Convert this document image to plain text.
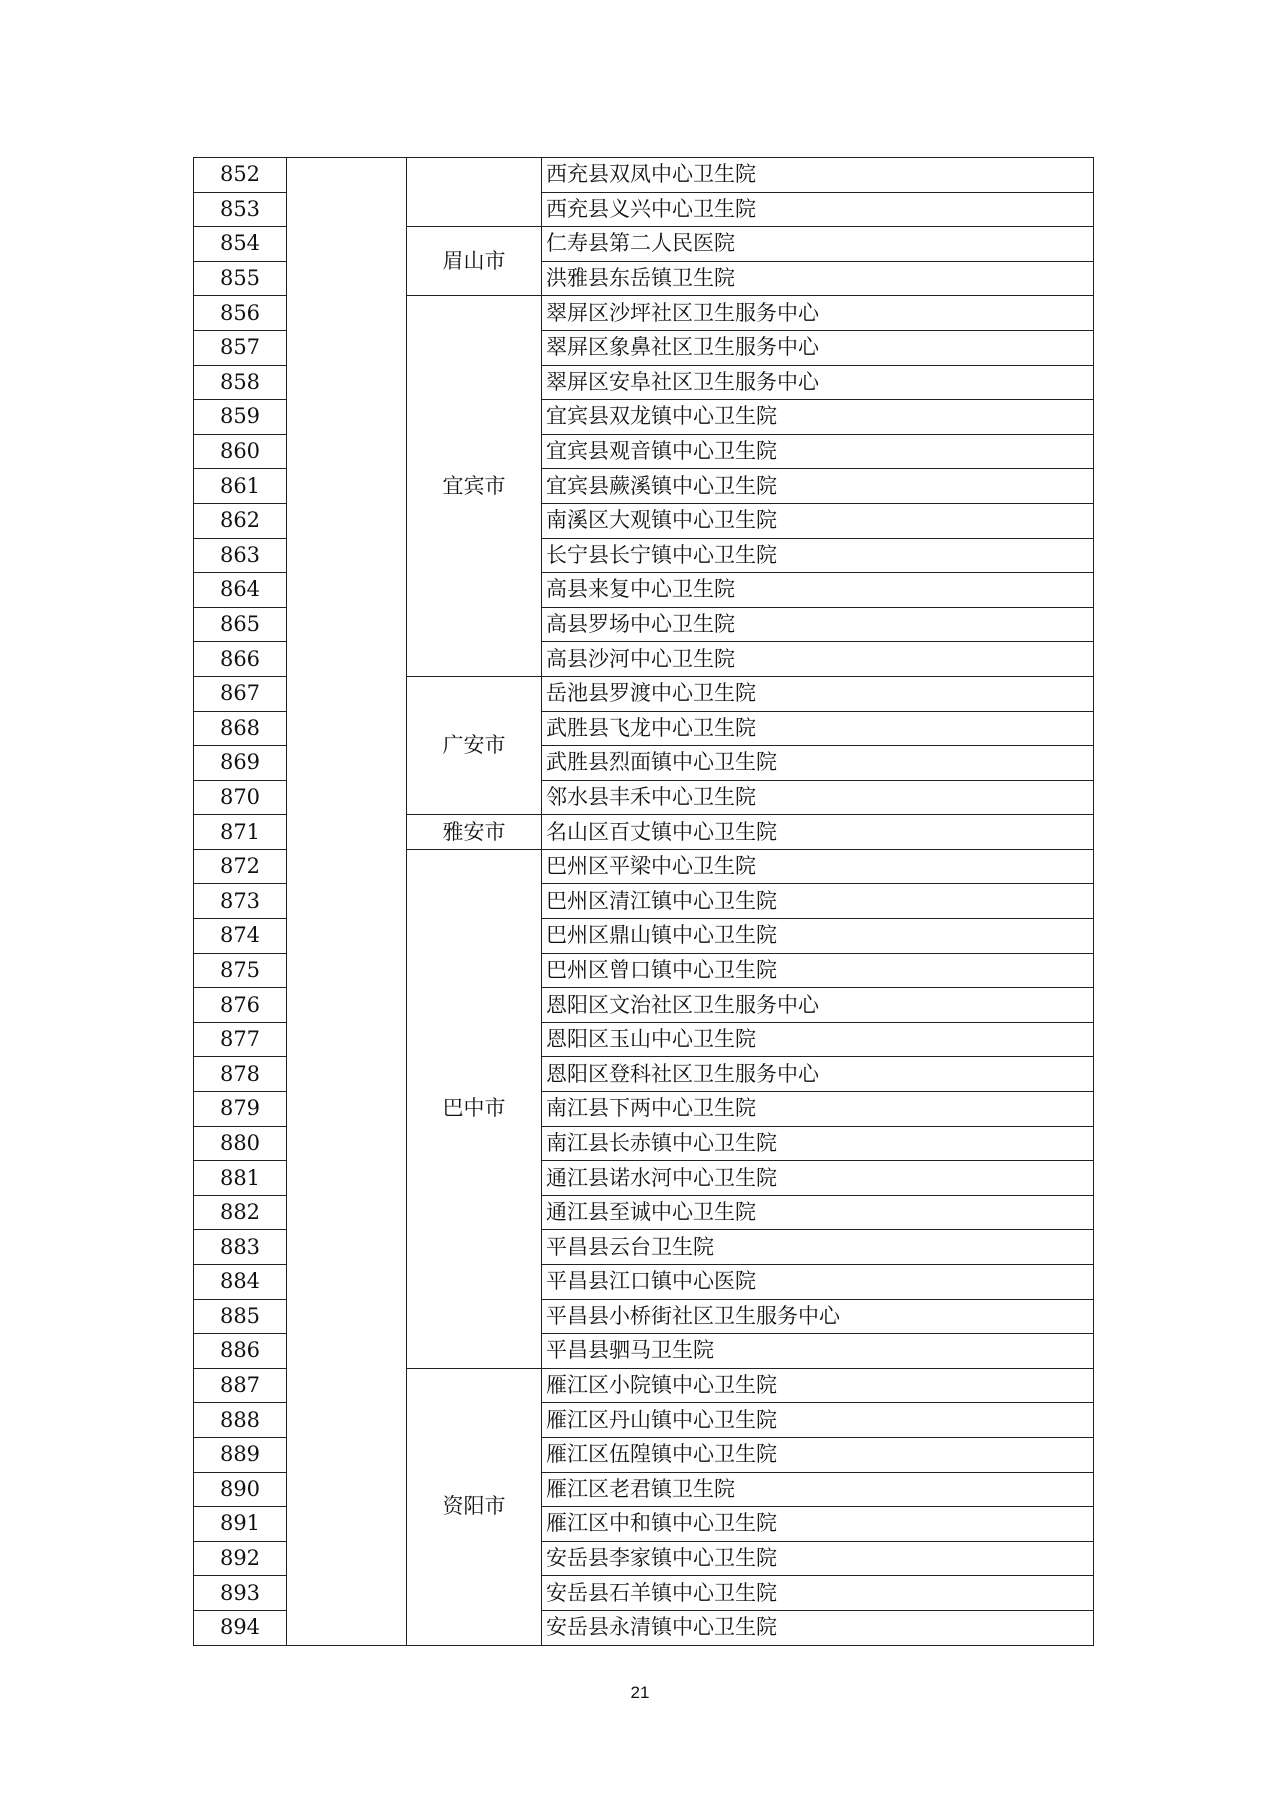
852			西充县双凤中心卫生院
853			西充县义兴中心卫生院
854		眉山市	仁寿县第二人民医院
855			洪雅县东岳镇卫生院
856		宜宾市	翠屏区沙坪社区卫生服务中心
857			翠屏区象鼻社区卫生服务中心
858			翠屏区安阜社区卫生服务中心
859			宜宾县双龙镇中心卫生院
860			宜宾县观音镇中心卫生院
861			宜宾县蕨溪镇中心卫生院
862			南溪区大观镇中心卫生院
863			长宁县长宁镇中心卫生院
864			高县来复中心卫生院
865			高县罗场中心卫生院
866			高县沙河中心卫生院
867		广安市	岳池县罗渡中心卫生院
868			武胜县飞龙中心卫生院
869			武胜县烈面镇中心卫生院
870			邻水县丰禾中心卫生院
871		雅安市	名山区百丈镇中心卫生院
872		巴中市	巴州区平梁中心卫生院
873			巴州区清江镇中心卫生院
874			巴州区鼎山镇中心卫生院
875			巴州区曾口镇中心卫生院
876			恩阳区文治社区卫生服务中心
877			恩阳区玉山中心卫生院
878			恩阳区登科社区卫生服务中心
879			南江县下两中心卫生院
880			南江县长赤镇中心卫生院
881			通江县诺水河中心卫生院
882			通江县至诚中心卫生院
883			平昌县云台卫生院
884			平昌县江口镇中心医院
885			平昌县小桥街社区卫生服务中心
886			平昌县驷马卫生院
887		资阳市	雁江区小院镇中心卫生院
888			雁江区丹山镇中心卫生院
889			雁江区伍隍镇中心卫生院
890			雁江区老君镇卫生院
891			雁江区中和镇中心卫生院
892			安岳县李家镇中心卫生院
893			安岳县石羊镇中心卫生院
894			安岳县永清镇中心卫生院
21
